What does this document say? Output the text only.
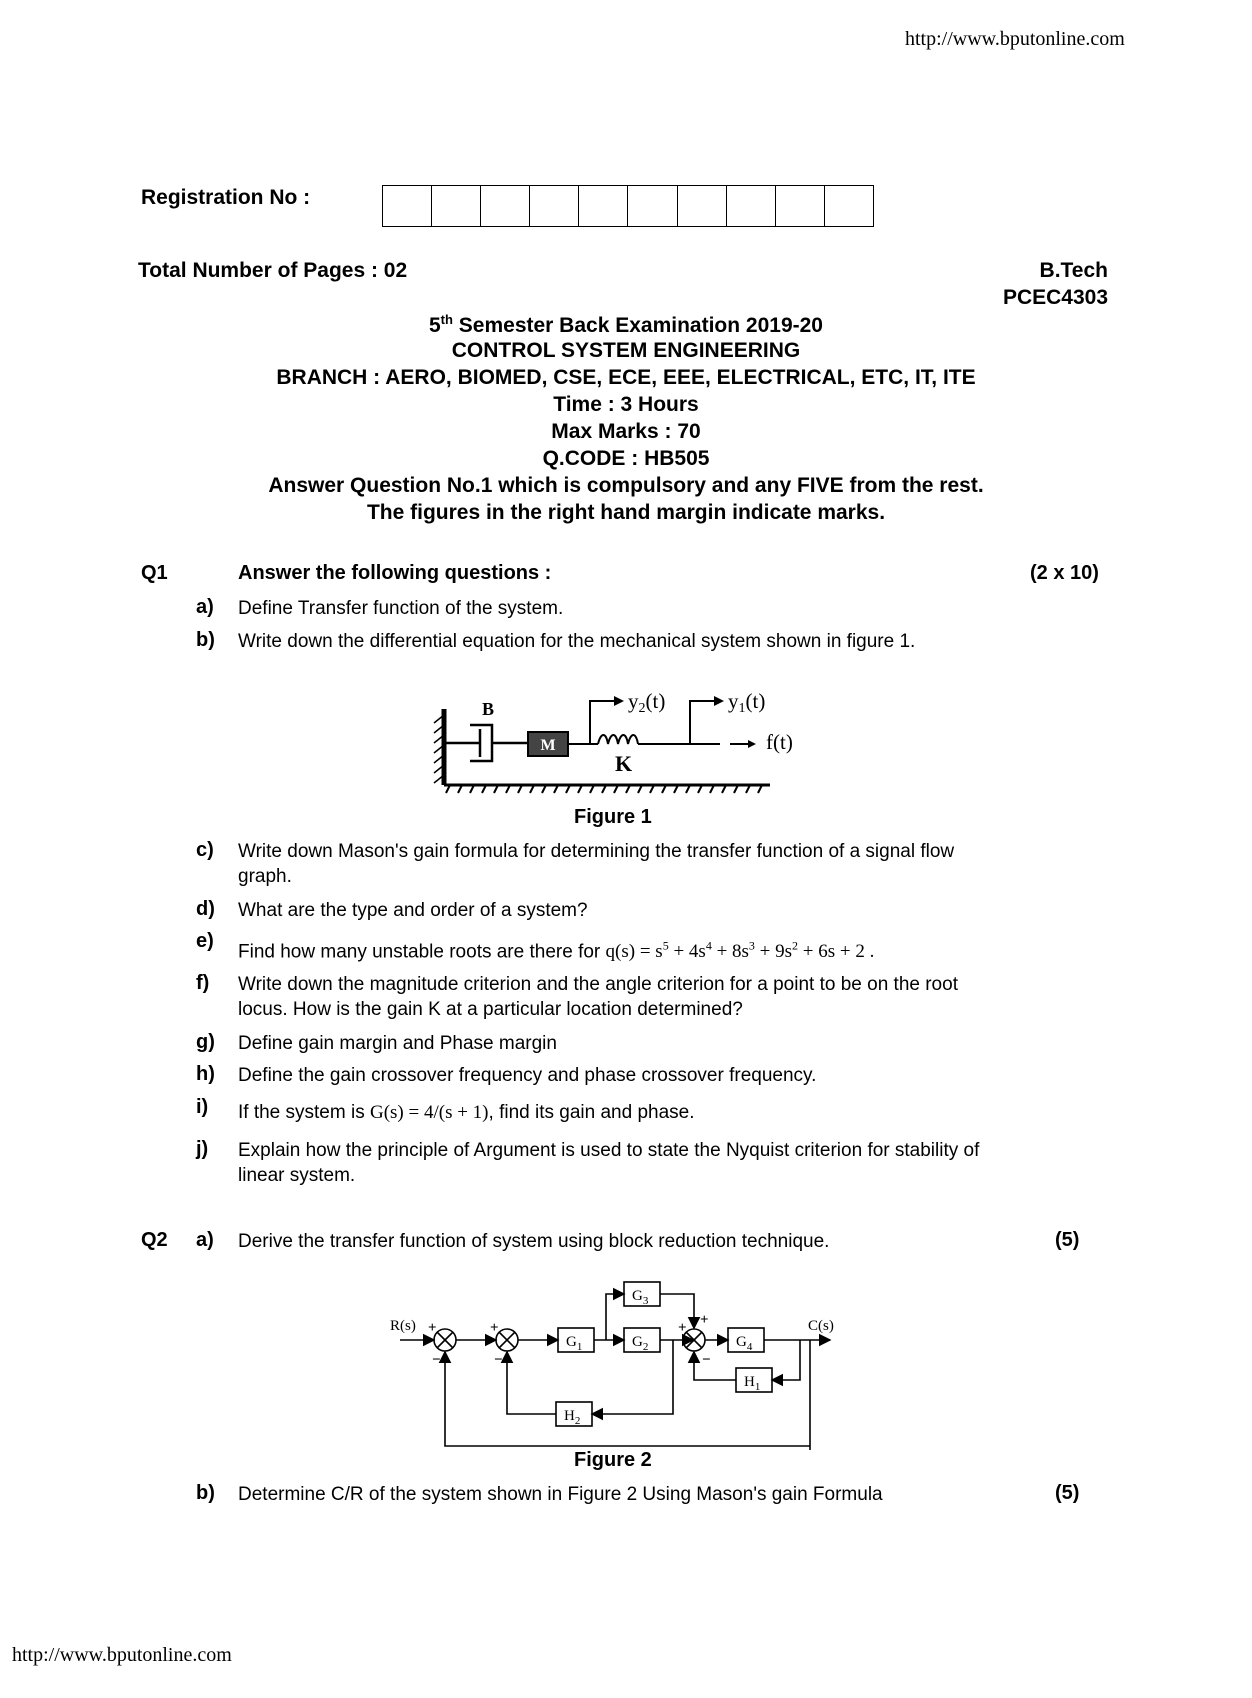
http://www.bputonline.com
http://www.bputonline.com
Registration No :
Total Number of Pages : 02	B.Tech
PCEC4303
5th Semester Back Examination 2019-20
CONTROL SYSTEM ENGINEERING
BRANCH : AERO, BIOMED, CSE, ECE, EEE, ELECTRICAL, ETC, IT, ITE
Time : 3 Hours
Max Marks : 70
Q.CODE : HB505
Answer Question No.1 which is compulsory and any FIVE from the rest.
The figures in the right hand margin indicate marks.
Q1	Answer the following questions :	(2 x 10)
a) Define Transfer function of the system.
b) Write down the differential equation for the mechanical system shown in figure 1.
B
M
K
y2(t)	y1(t)
f(t)
Figure 1
c) Write down Mason's gain formula for determining the transfer function of a signal flow graph.
d) What are the type and order of a system?
e) Find how many unstable roots are there for $q(s) = s^5 + 4s^4 + 8s^3 + 9s^2 + 6s + 2$ .
f) Write down the magnitude criterion and the angle criterion for a point to be on the root locus. How is the gain K at a particular location determined?
g) Define gain margin and Phase margin
h) Define the gain crossover frequency and phase crossover frequency.
i) If the system is G(s) = 4/(s + 1), find its gain and phase.
j) Explain how the principle of Argument is used to state the Nyquist criterion for stability of linear system.
Q2 a) Derive the transfer function of system using block reduction technique.	(5)
R(s)	C(s)
$G_1$	$G_2$
$G_3$
$G_4$
$H_1$
$H_2$
+
−
+
−
+
+
−
Figure 2
b) Determine C/R of the system shown in Figure 2 Using Mason's gain Formula	(5)
